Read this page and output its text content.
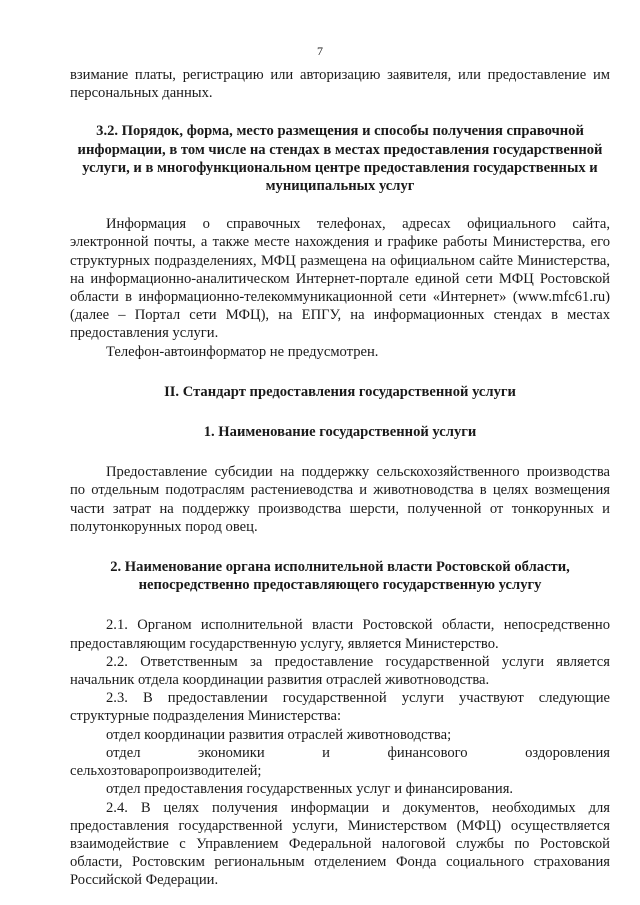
7

взимание платы, регистрацию или авторизацию заявителя, или предоставление им персональных данных.

3.2. Порядок, форма, место размещения и способы получения справочной информации, в том числе на стендах в местах предоставления государственной услуги, и в многофункциональном центре предоставления государственных и муниципальных услуг

Информация о справочных телефонах, адресах официального сайта, электронной почты, а также месте нахождения и графике работы Министерства, его структурных подразделениях, МФЦ размещена на официальном сайте Министерства, на информационно-аналитическом Интернет-портале единой сети МФЦ Ростовской области в информационно-телекоммуникационной сети «Интернет» (www.mfc61.ru) (далее – Портал сети МФЦ), на ЕПГУ, на информационных стендах в местах предоставления услуги.

Телефон-автоинформатор не предусмотрен.

II. Стандарт предоставления государственной услуги

1. Наименование государственной услуги

Предоставление субсидии на поддержку сельскохозяйственного производства по отдельным подотраслям растениеводства и животноводства в целях возмещения части затрат на поддержку производства шерсти, полученной от тонкорунных и полутонкорунных пород овец.

2. Наименование органа исполнительной власти Ростовской области, непосредственно предоставляющего государственную услугу

2.1. Органом исполнительной власти Ростовской области, непосредственно предоставляющим государственную услугу, является Министерство.

2.2. Ответственным за предоставление государственной услуги является начальник отдела координации развития отраслей животноводства.

2.3. В предоставлении государственной услуги участвуют следующие структурные подразделения Министерства:

отдел координации развития отраслей животноводства;

отдел экономики и финансового оздоровления

сельхозтоваропроизводителей;

отдел предоставления государственных услуг и финансирования.

2.4. В целях получения информации и документов, необходимых для предоставления государственной услуги, Министерством (МФЦ) осуществляется взаимодействие с Управлением Федеральной налоговой службы по Ростовской области, Ростовским региональным отделением Фонда социального страхования Российской Федерации.
